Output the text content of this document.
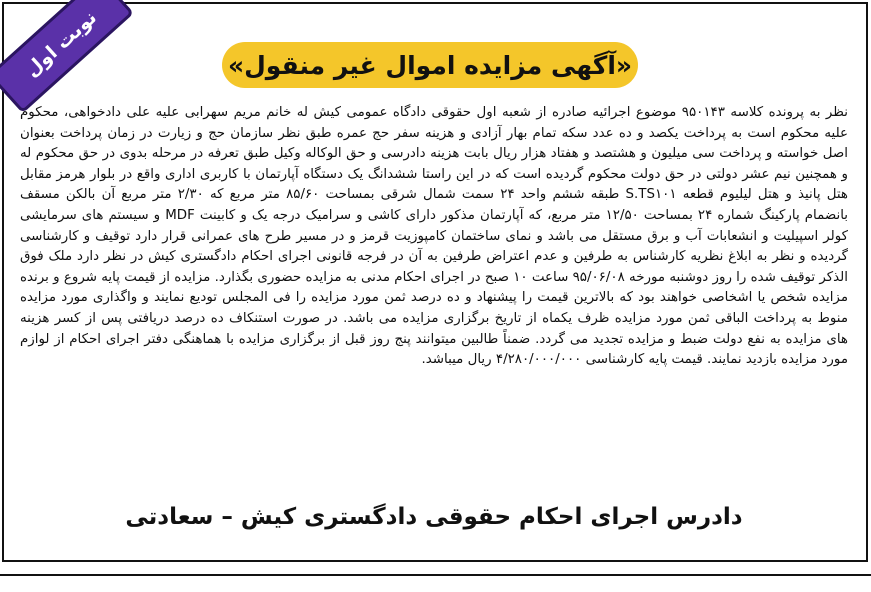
نوبت اول	«آگهی مزایده اموال غیر منقول»

نظر به پرونده کلاسه ۹۵۰۱۴۳ موضوع اجرائیه صادره از شعبه اول حقوقی دادگاه عمومی کیش له خانم مریم سهرابی علیه علی دادخواهی، محکوم علیه محکوم است به پرداخت یکصد و ده عدد سکه تمام بهار آزادی و هزینه سفر حج عمره طبق نظر سازمان حج و زیارت در زمان پرداخت بعنوان اصل خواسته و پرداخت سی میلیون و هشتصد و هفتاد هزار ریال بابت هزینه دادرسی و حق الوکاله وکیل طبق تعرفه در مرحله بدوی در حق محکوم له و همچنین نیم عشر دولتی در حق دولت محکوم گردیده است که در این راستا ششدانگ یک دستگاه آپارتمان با کاربری اداری واقع در بلوار هرمز مقابل هتل پانیذ و هتل لیلیوم قطعه S.TS۱۰۱ طبقه ششم واحد ۲۴ سمت شمال شرقی بمساحت ۸۵/۶۰ متر مربع که ۲/۳۰ متر مربع آن بالکن مسقف بانضمام پارکینگ شماره ۲۴ بمساحت ۱۲/۵۰ متر مربع، که آپارتمان مذکور دارای کاشی و سرامیک درجه یک و کابینت MDF و سیستم های سرمایشی کولر اسپیلیت و انشعابات آب و برق مستقل می باشد و نمای ساختمان کامپوزیت قرمز و در مسیر طرح های عمرانی قرار دارد توقیف و کارشناسی گردیده و نظر به ابلاغ نظریه کارشناس به طرفین و عدم اعتراض طرفین به آن در فرجه قانونی اجرای احکام دادگستری کیش در نظر دارد ملک فوق الذکر توقیف شده را روز دوشنبه مورخه ۹۵/۰۶/۰۸ ساعت ۱۰ صبح در اجرای احکام مدنی به مزایده حضوری بگذارد. مزایده از قیمت پایه شروع و برنده مزایده شخص یا اشخاصی خواهند بود که بالاترین قیمت را پیشنهاد و ده درصد ثمن مورد مزایده را فی المجلس تودیع نمایند و واگذاری مورد مزایده منوط به پرداخت الباقی ثمن مورد مزایده ظرف یکماه از تاریخ برگزاری مزایده می باشد. در صورت استنکاف ده درصد دریافتی پس از کسر هزینه های مزایده به نفع دولت ضبط و مزایده تجدید می گردد. ضمناً طالبین میتوانند پنج روز قبل از برگزاری مزایده با هماهنگی دفتر اجرای احکام از لوازم مورد مزایده بازدید نمایند. قیمت پایه کارشناسی ۴/۲۸۰/۰۰۰/۰۰۰ ریال میباشد.

دادرس اجرای احکام حقوقی دادگستری کیش – سعادتی
